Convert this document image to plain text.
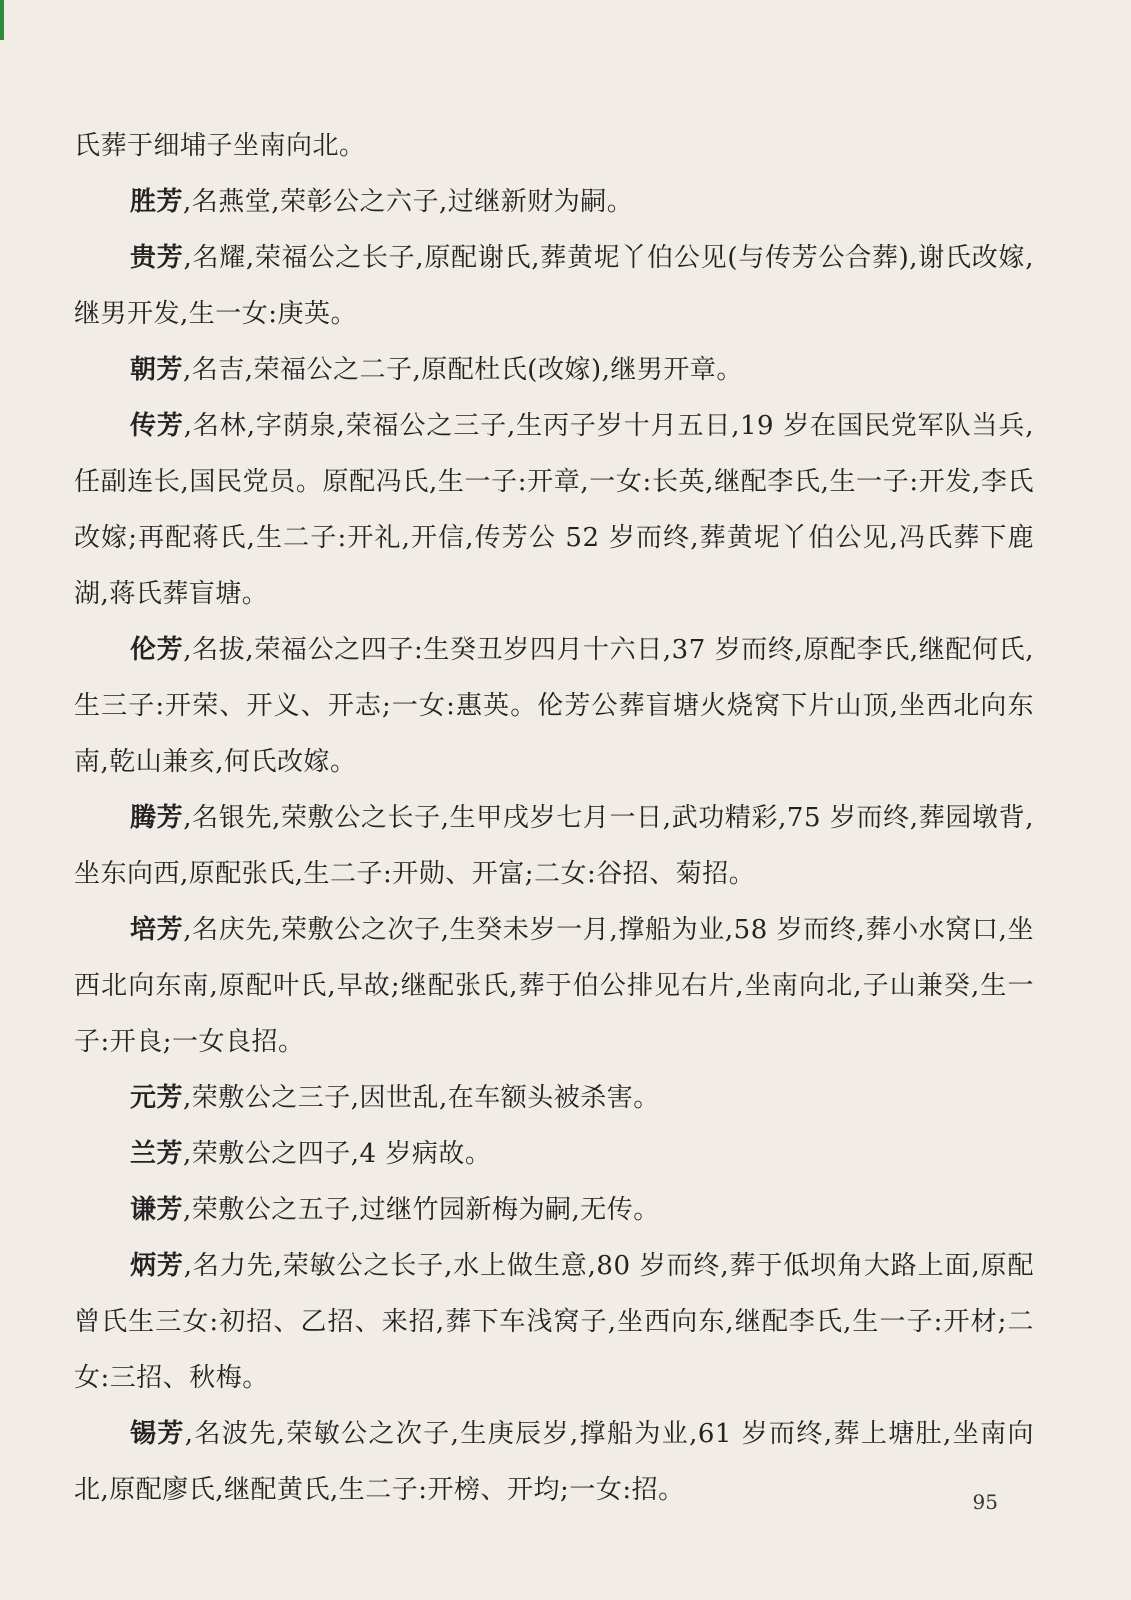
氏葬于细埔子坐南向北。

胜芳,名燕堂,荣彰公之六子,过继新财为嗣。

贵芳,名耀,荣福公之长子,原配谢氏,葬黄坭丫伯公见(与传芳公合葬),谢氏改嫁,继男开发,生一女:庚英。

朝芳,名吉,荣福公之二子,原配杜氏(改嫁),继男开章。

传芳,名林,字荫泉,荣福公之三子,生丙子岁十月五日,19 岁在国民党军队当兵,任副连长,国民党员。原配冯氏,生一子:开章,一女:长英,继配李氏,生一子:开发,李氏改嫁;再配蒋氏,生二子:开礼,开信,传芳公 52 岁而终,葬黄坭丫伯公见,冯氏葬下鹿湖,蒋氏葬盲塘。

伦芳,名拔,荣福公之四子:生癸丑岁四月十六日,37 岁而终,原配李氏,继配何氏,生三子:开荣、开义、开志;一女:惠英。伦芳公葬盲塘火烧窝下片山顶,坐西北向东南,乾山兼亥,何氏改嫁。

腾芳,名银先,荣敷公之长子,生甲戌岁七月一日,武功精彩,75 岁而终,葬园墩背,坐东向西,原配张氏,生二子:开勋、开富;二女:谷招、菊招。

培芳,名庆先,荣敷公之次子,生癸未岁一月,撑船为业,58 岁而终,葬小水窝口,坐西北向东南,原配叶氏,早故;继配张氏,葬于伯公排见右片,坐南向北,子山兼癸,生一子:开良;一女良招。

元芳,荣敷公之三子,因世乱,在车额头被杀害。

兰芳,荣敷公之四子,4 岁病故。

谦芳,荣敷公之五子,过继竹园新梅为嗣,无传。

炳芳,名力先,荣敏公之长子,水上做生意,80 岁而终,葬于低坝角大路上面,原配曾氏生三女:初招、乙招、来招,葬下车浅窝子,坐西向东,继配李氏,生一子:开材;二女:三招、秋梅。

锡芳,名波先,荣敏公之次子,生庚辰岁,撑船为业,61 岁而终,葬上塘肚,坐南向北,原配廖氏,继配黄氏,生二子:开榜、开均;一女:招。	95
